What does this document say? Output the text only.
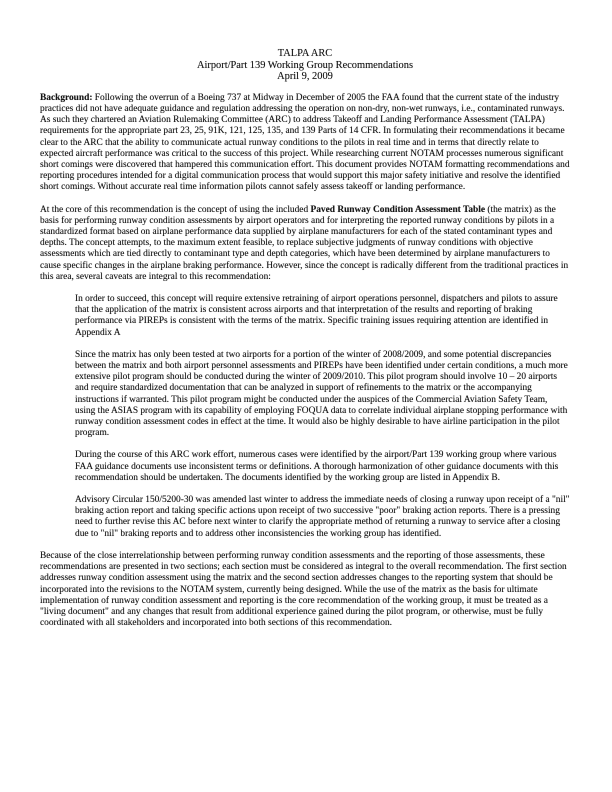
TALPA ARC
Airport/Part 139 Working Group Recommendations
April 9, 2009

Background: Following the overrun of a Boeing 737 at Midway in December of 2005 the FAA found that the current state of the industry practices did not have adequate guidance and regulation addressing the operation on non-dry, non-wet runways, i.e., contaminated runways. As such they chartered an Aviation Rulemaking Committee (ARC) to address Takeoff and Landing Performance Assessment (TALPA) requirements for the appropriate part 23, 25, 91K, 121, 125, 135, and 139 Parts of 14 CFR. In formulating their recommendations it became clear to the ARC that the ability to communicate actual runway conditions to the pilots in real time and in terms that directly relate to expected aircraft performance was critical to the success of this project. While researching current NOTAM processes numerous significant short comings were discovered that hampered this communication effort. This document provides NOTAM formatting recommendations and reporting procedures intended for a digital communication process that would support this major safety initiative and resolve the identified short comings. Without accurate real time information pilots cannot safely assess takeoff or landing performance.

At the core of this recommendation is the concept of using the included Paved Runway Condition Assessment Table (the matrix) as the basis for performing runway condition assessments by airport operators and for interpreting the reported runway conditions by pilots in a standardized format based on airplane performance data supplied by airplane manufacturers for each of the stated contaminant types and depths. The concept attempts, to the maximum extent feasible, to replace subjective judgments of runway conditions with objective assessments which are tied directly to contaminant type and depth categories, which have been determined by airplane manufacturers to cause specific changes in the airplane braking performance. However, since the concept is radically different from the traditional practices in this area, several caveats are integral to this recommendation:

In order to succeed, this concept will require extensive retraining of airport operations personnel, dispatchers and pilots to assure that the application of the matrix is consistent across airports and that interpretation of the results and reporting of braking performance via PIREPs is consistent with the terms of the matrix. Specific training issues requiring attention are identified in Appendix A

Since the matrix has only been tested at two airports for a portion of the winter of 2008/2009, and some potential discrepancies between the matrix and both airport personnel assessments and PIREPs have been identified under certain conditions, a much more extensive pilot program should be conducted during the winter of 2009/2010. This pilot program should involve 10 – 20 airports and require standardized documentation that can be analyzed in support of refinements to the matrix or the accompanying instructions if warranted. This pilot program might be conducted under the auspices of the Commercial Aviation Safety Team, using the ASIAS program with its capability of employing FOQUA data to correlate individual airplane stopping performance with runway condition assessment codes in effect at the time. It would also be highly desirable to have airline participation in the pilot program.

During the course of this ARC work effort, numerous cases were identified by the airport/Part 139 working group where various FAA guidance documents use inconsistent terms or definitions. A thorough harmonization of other guidance documents with this recommendation should be undertaken. The documents identified by the working group are listed in Appendix B.

Advisory Circular 150/5200-30 was amended last winter to address the immediate needs of closing a runway upon receipt of a "nil" braking action report and taking specific actions upon receipt of two successive "poor" braking action reports. There is a pressing need to further revise this AC before next winter to clarify the appropriate method of returning a runway to service after a closing due to "nil" braking reports and to address other inconsistencies the working group has identified.

Because of the close interrelationship between performing runway condition assessments and the reporting of those assessments, these recommendations are presented in two sections; each section must be considered as integral to the overall recommendation. The first section addresses runway condition assessment using the matrix and the second section addresses changes to the reporting system that should be incorporated into the revisions to the NOTAM system, currently being designed. While the use of the matrix as the basis for ultimate implementation of runway condition assessment and reporting is the core recommendation of the working group, it must be treated as a "living document" and any changes that result from additional experience gained during the pilot program, or otherwise, must be fully coordinated with all stakeholders and incorporated into both sections of this recommendation.
